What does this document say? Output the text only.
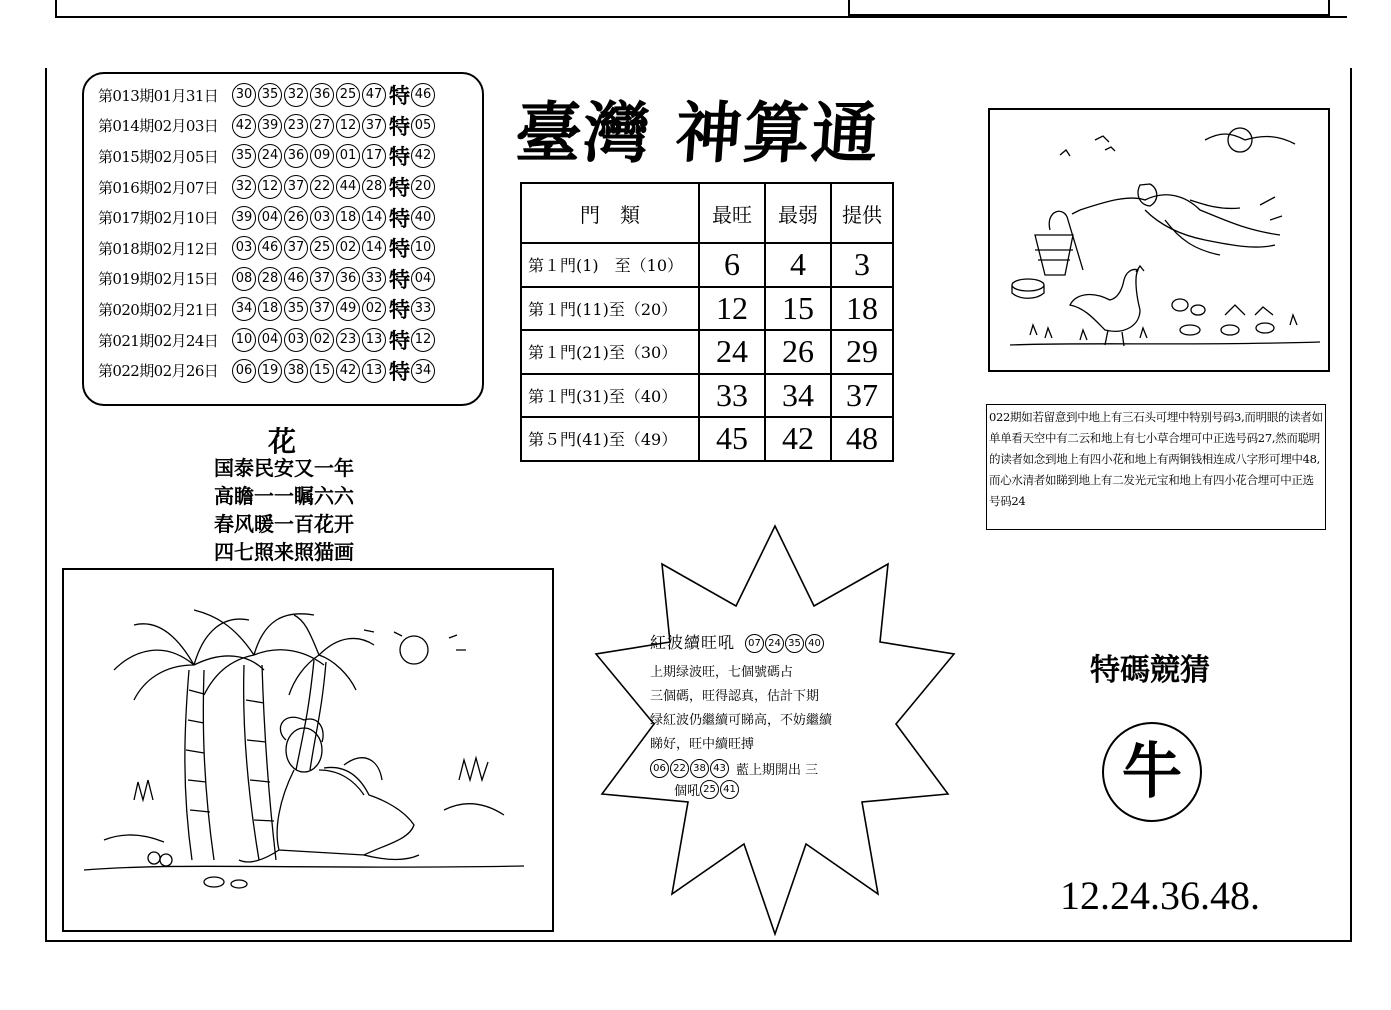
第013期01月31日	30 35 32 36 25 47 特 46
第014期02月03日	42 39 23 27 12 37 特 05
第015期02月05日	35 24 36 09 01 17 特 42
第016期02月07日	32 12 37 22 44 28 特 20
第017期02月10日	39 04 26 03 18 14 特 40
第018期02月12日	03 46 37 25 02 14 特 10
第019期02月15日	08 28 46 37 36 33 特 04
第020期02月21日	34 18 35 37 49 02 特 33
第021期02月24日	10 04 03 02 23 13 特 12
第022期02月26日	06 19 38 15 42 13 特 34
臺灣 神算通
門　類	最旺	最弱	提供
第１門(1)　至（10）	6	4	3
第１門(11)至（20）	12	15	18
第１門(21)至（30）	24	26	29
第１門(31)至（40）	33	34	37
第５門(41)至（49）	45	42	48
花
国泰民安又一年
高瞻一一瞩六六
春风暖一百花开
四七照来照猫画
022期如若留意到中地上有三石头可埋中特别号码3,而明眼的读者如单单看天空中有二云和地上有七小草合埋可中正选号码27,然而聪明的读者如念到地上有四小花和地上有两铜钱相连成八字形可埋中48,而心水清者如睇到地上有二发光元宝和地上有四小花合埋可中正选号码24
紅波續旺吼	07 24 35 40
上期绿波旺，七個號碼占
三個碼，旺得認真，估計下期
绿紅波仍繼續可睇高，不妨繼續
睇好，旺中續旺搏
06 22 38 43 藍上期開出 三
個吼 25 41
特碼競猜
牛
12.24.36.48.
